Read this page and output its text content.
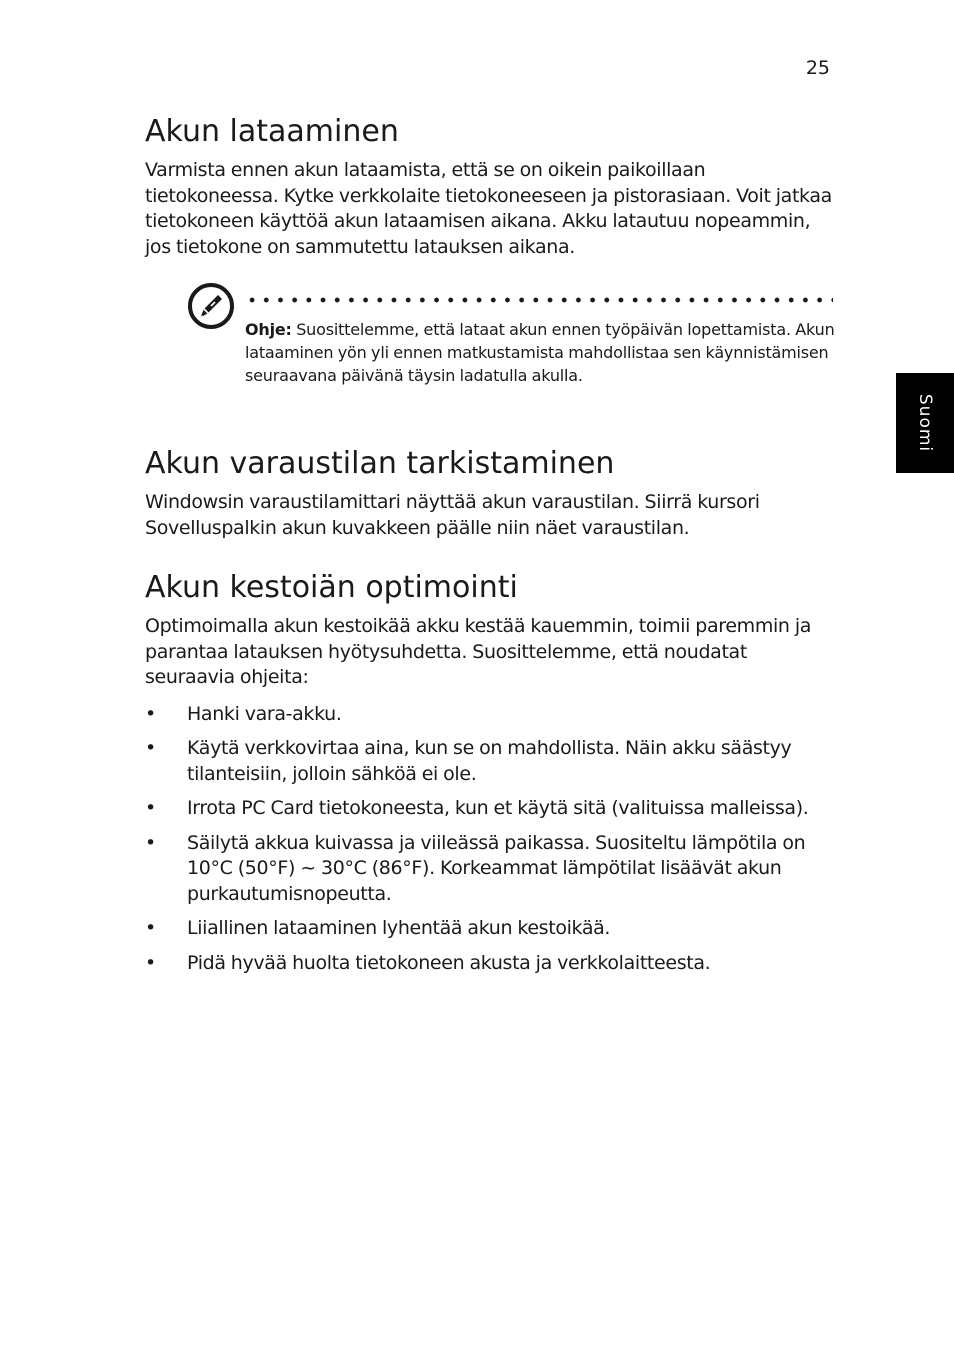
25
Suomi
Akun lataaminen

Varmista ennen akun lataamista, että se on oikein paikoillaan tietokoneessa. Kytke verkkolaite tietokoneeseen ja pistorasiaan. Voit jatkaa tietokoneen käyttöä akun lataamisen aikana. Akku latautuu nopeammin, jos tietokone on sammutettu latauksen aikana.

Ohje: Suosittelemme, että lataat akun ennen työpäivän lopettamista. Akun lataaminen yön yli ennen matkustamista mahdollistaa sen käynnistämisen seuraavana päivänä täysin ladatulla akulla.
Akun varaustilan tarkistaminen

Windowsin varaustilamittari näyttää akun varaustilan. Siirrä kursori Sovelluspalkin akun kuvakkeen päälle niin näet varaustilan.

Akun kestoiän optimointi

Optimoimalla akun kestoikää akku kestää kauemmin, toimii paremmin ja parantaa latauksen hyötysuhdetta. Suosittelemme, että noudatat seuraavia ohjeita:

• Hanki vara-akku.
• Käytä verkkovirtaa aina, kun se on mahdollista. Näin akku säästyy tilanteisiin, jolloin sähköä ei ole.
• Irrota PC Card tietokoneesta, kun et käytä sitä (valituissa malleissa).
• Säilytä akkua kuivassa ja viileässä paikassa. Suositeltu lämpötila on 10°C (50°F) ~ 30°C (86°F). Korkeammat lämpötilat lisäävät akun purkautumisnopeutta.
• Liiallinen lataaminen lyhentää akun kestoikää.
• Pidä hyvää huolta tietokoneen akusta ja verkkolaitteesta.
